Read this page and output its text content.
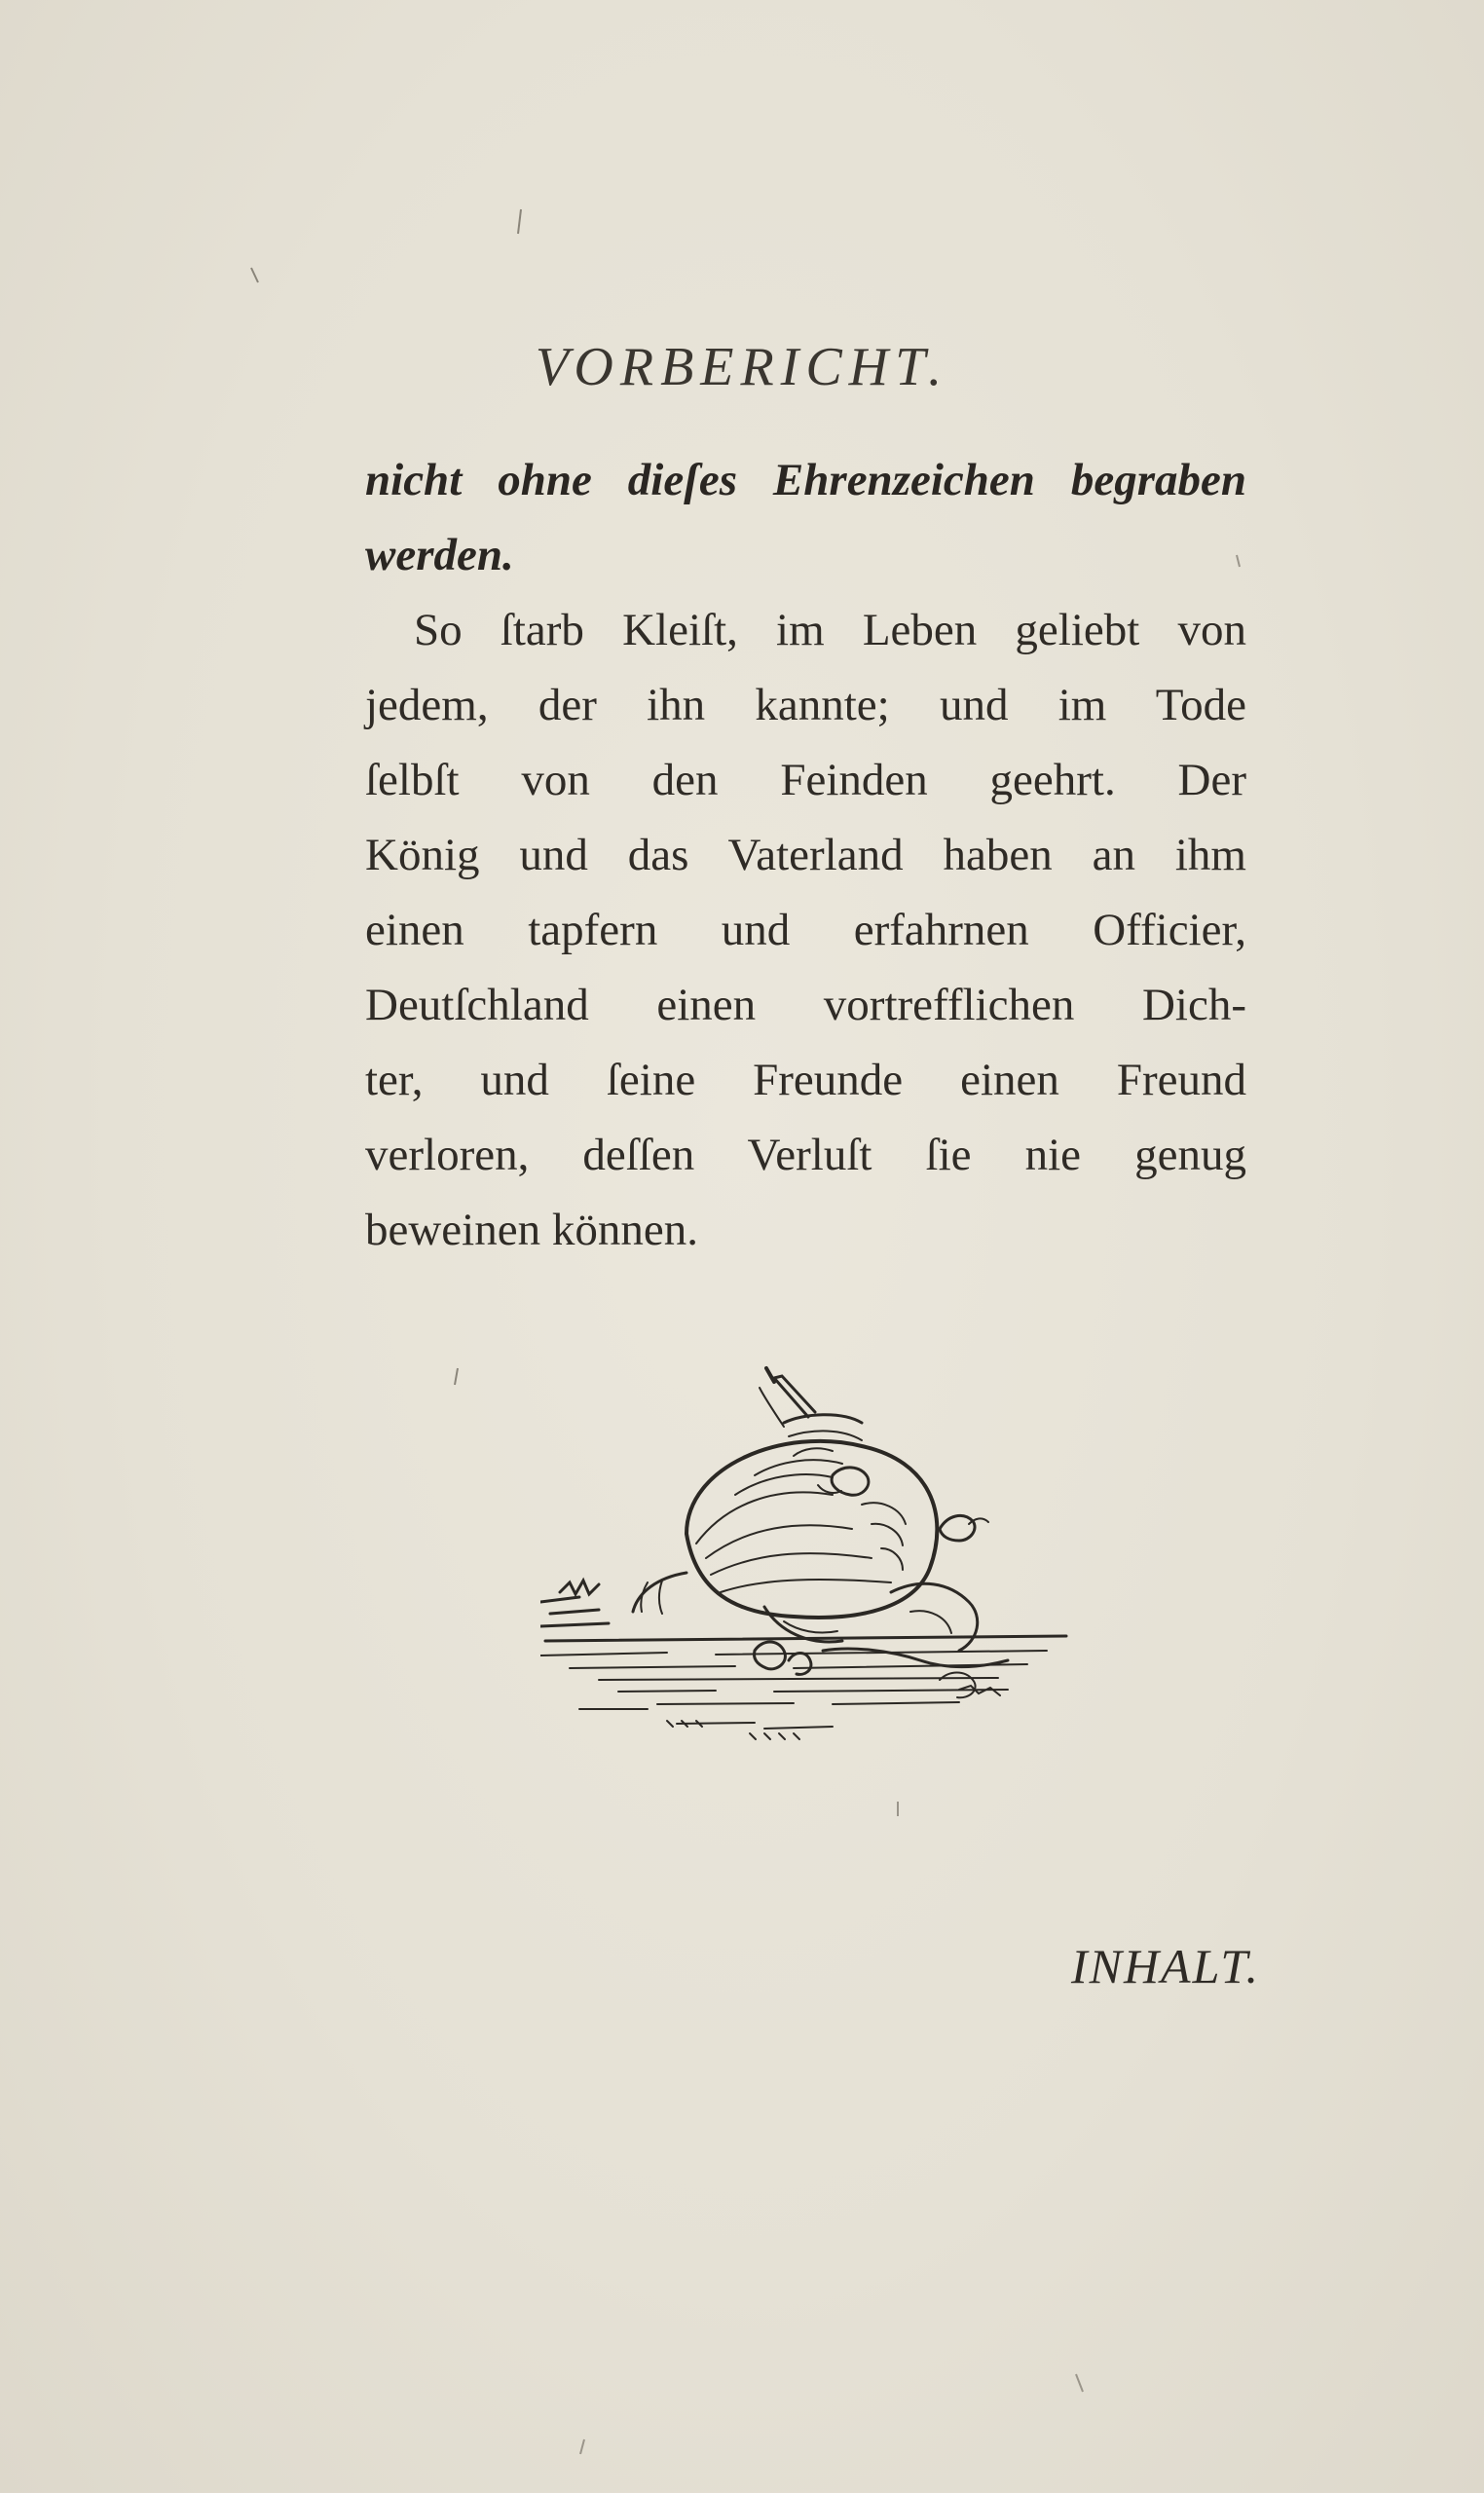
VORBERICHT.
nicht ohne dieſes Ehrenzeichen begraben
werden.
So ſtarb Kleiſt, im Leben geliebt von
jedem, der ihn kannte; und im Tode
ſelbſt von den Feinden geehrt. Der
König und das Vaterland haben an ihm
einen tapfern und erfahrnen Officier,
Deutſchland einen vortrefflichen Dich-
ter, und ſeine Freunde einen Freund
verloren, deſſen Verluſt ſie nie genug
beweinen können.
INHALT.
